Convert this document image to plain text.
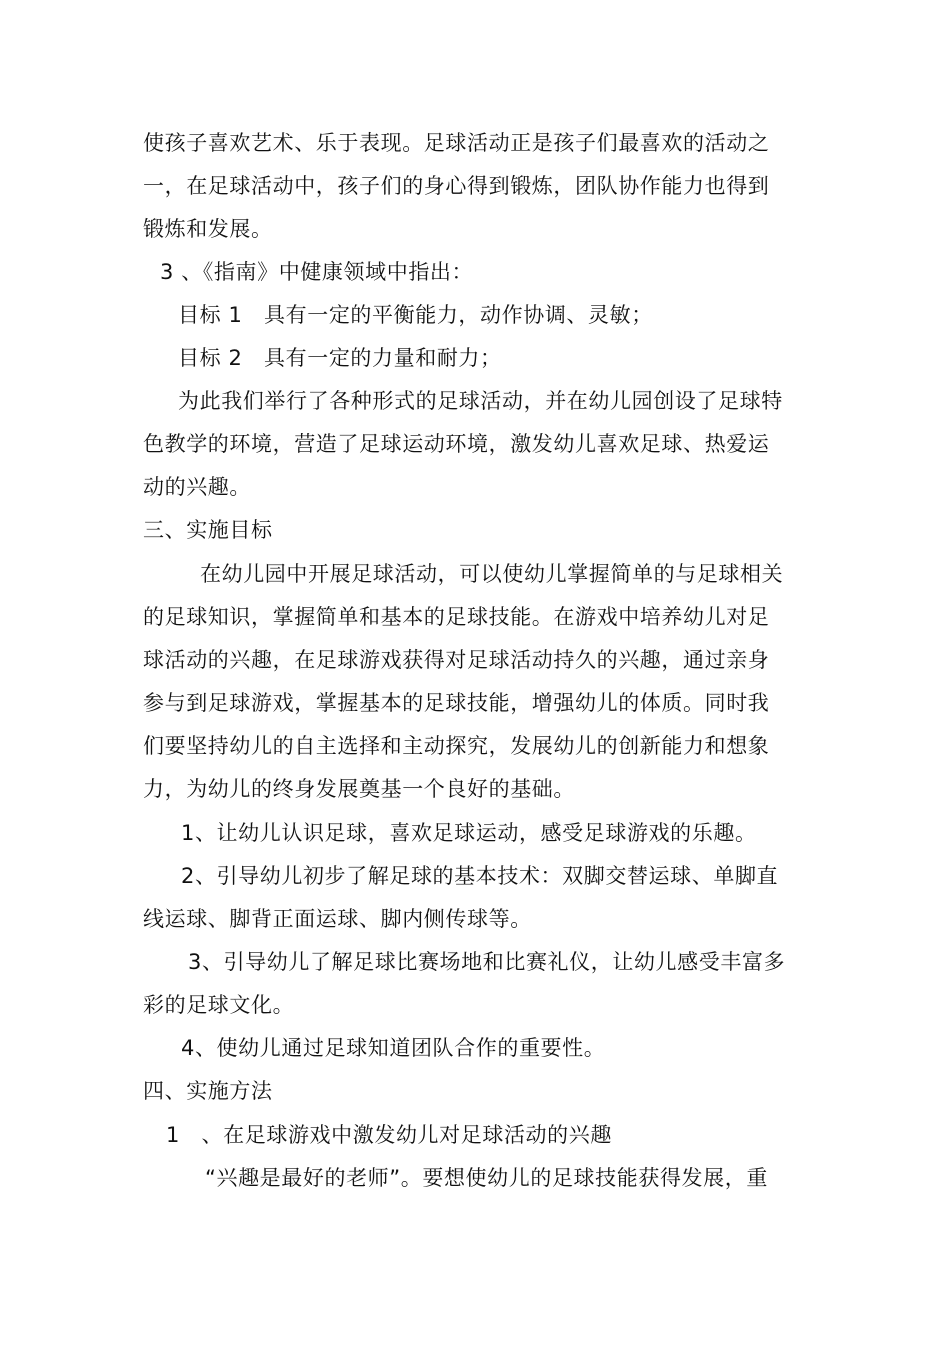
使孩子喜欢艺术、乐于表现。足球活动正是孩子们最喜欢的活动之
一，在足球活动中，孩子们的身心得到锻炼，团队协作能力也得到
锻炼和发展。
3 、《指南》中健康领域中指出：
目标 1　具有一定的平衡能力，动作协调、灵敏；
目标 2　具有一定的力量和耐力；
为此我们举行了各种形式的足球活动，并在幼儿园创设了足球特
色教学的环境，营造了足球运动环境，激发幼儿喜欢足球、热爱运
动的兴趣。
三、实施目标
在幼儿园中开展足球活动，可以使幼儿掌握简单的与足球相关
的足球知识，掌握简单和基本的足球技能。在游戏中培养幼儿对足
球活动的兴趣，在足球游戏获得对足球活动持久的兴趣，通过亲身
参与到足球游戏，掌握基本的足球技能，增强幼儿的体质。同时我
们要坚持幼儿的自主选择和主动探究，发展幼儿的创新能力和想象
力，为幼儿的终身发展奠基一个良好的基础。
1、让幼儿认识足球，喜欢足球运动，感受足球游戏的乐趣。
2、引导幼儿初步了解足球的基本技术：双脚交替运球、单脚直
线运球、脚背正面运球、脚内侧传球等。
3、引导幼儿了解足球比赛场地和比赛礼仪，让幼儿感受丰富多
彩的足球文化。
4、使幼儿通过足球知道团队合作的重要性。
四、实施方法
1　、在足球游戏中激发幼儿对足球活动的兴趣
“兴趣是最好的老师”。要想使幼儿的足球技能获得发展，重
